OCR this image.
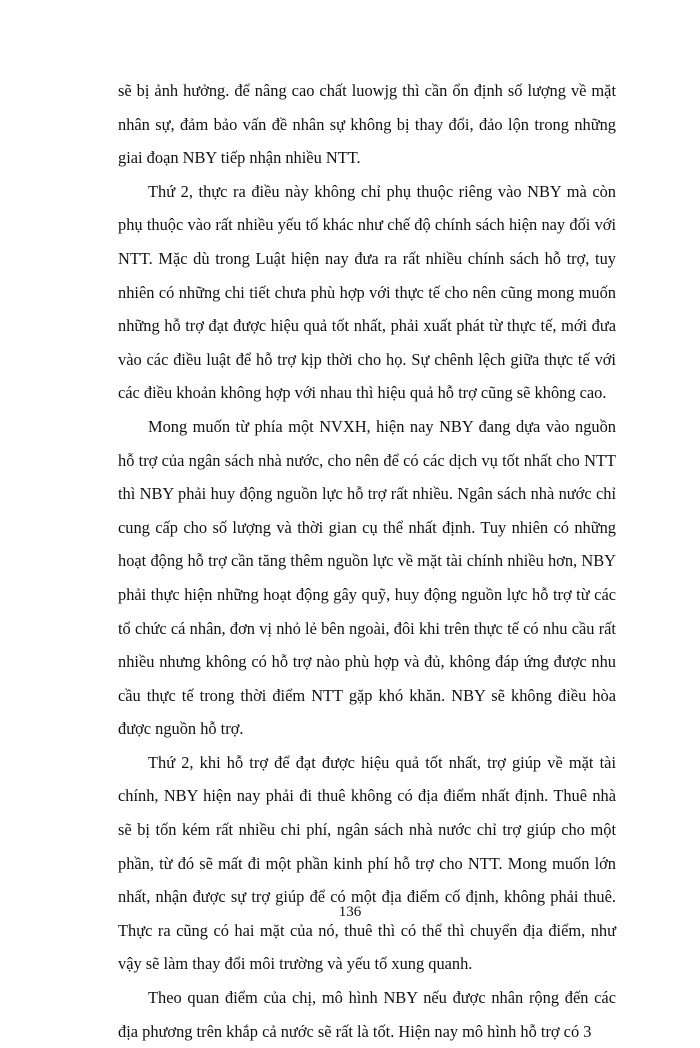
sẽ bị ảnh hưởng. để nâng cao chất luowjg thì cần ổn định số lượng về mặt nhân sự, đảm bảo vấn đề nhân sự không bị thay đổi, đảo lộn trong những giai đoạn NBY tiếp nhận nhiều NTT.

Thứ 2, thực ra điều này không chỉ phụ thuộc riêng vào NBY mà còn phụ thuộc vào rất nhiều yếu tố khác như chế độ chính sách hiện nay đối với NTT. Mặc dù trong Luật hiện nay đưa ra rất nhiều chính sách hỗ trợ, tuy nhiên có những chi tiết chưa phù hợp với thực tế cho nên cũng mong muốn những hỗ trợ đạt được hiệu quả tốt nhất, phải xuất phát từ thực tế, mới đưa vào các điều luật để hỗ trợ kịp thời cho họ. Sự chênh lệch giữa thực tế với các điều khoản không hợp với nhau thì hiệu quả hỗ trợ cũng sẽ không cao.

Mong muốn từ phía một NVXH, hiện nay NBY đang dựa vào nguồn hỗ trợ của ngân sách nhà nước, cho nên để có các dịch vụ tốt nhất cho NTT thì NBY phải huy động nguồn lực hỗ trợ rất nhiều. Ngân sách nhà nước chỉ cung cấp cho số lượng và thời gian cụ thể nhất định. Tuy nhiên có những hoạt động hỗ trợ cần tăng thêm nguồn lực về mặt tài chính nhiều hơn, NBY phải thực hiện những hoạt động gây quỹ, huy động nguồn lực hỗ trợ từ các tổ chức cá nhân, đơn vị nhỏ lẻ bên ngoài, đôi khi trên thực tế có nhu cầu rất nhiều nhưng không có hỗ trợ nào phù hợp và đủ, không đáp ứng được nhu cầu thực tế trong thời điểm NTT gặp khó khăn. NBY sẽ không điều hòa được nguồn hỗ trợ.

Thứ 2, khi hỗ trợ để đạt được hiệu quả tốt nhất, trợ giúp về mặt tài chính, NBY hiện nay phải đi thuê không có địa điểm nhất định. Thuê nhà sẽ bị tốn kém rất nhiều chi phí, ngân sách nhà nước chỉ trợ giúp cho một phần, từ đó sẽ mất đi một phần kinh phí hỗ trợ cho NTT. Mong muốn lớn nhất, nhận được sự trợ giúp để có một địa điểm cố định, không phải thuê. Thực ra cũng có hai mặt của nó, thuê thì có thể thì chuyển địa điểm, như vậy sẽ làm thay đổi môi trường và yếu tố xung quanh.

Theo quan điểm của chị, mô hình NBY nếu được nhân rộng đến các địa phương trên khắp cả nước sẽ rất là tốt. Hiện nay mô hình hỗ trợ có 3

136
